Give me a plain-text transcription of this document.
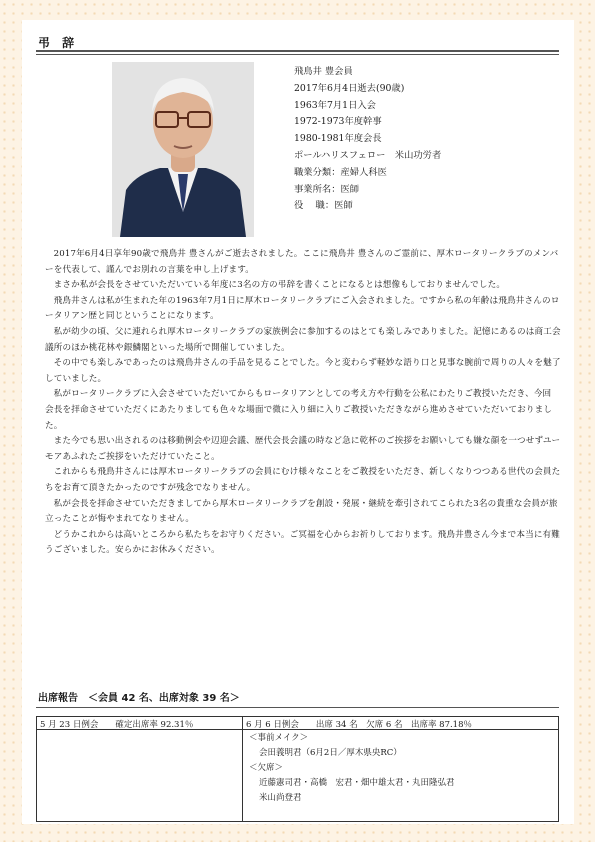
弔 辞
飛鳥井 豊会員
2017年6月4日逝去(90歳)
1963年7月1日入会
1972-1973年度幹事
1980-1981年度会長
ポールハリスフェロー　米山功労者
職業分類：産婦人科医
事業所名：医師
役　 職：医師

2017年6月4日享年90歳で飛鳥井 豊さんがご逝去されました。ここに飛鳥井 豊さんのご霊前に、厚木ロータリークラブのメンバーを代表して、謹んでお別れの言葉を申し上げます。

まさか私が会長をさせていただいている年度に3名の方の弔辞を書くことになるとは想像もしておりませんでした。

飛鳥井さんは私が生まれた年の1963年7月1日に厚木ロータリークラブにご入会されました。ですから私の年齢は飛鳥井さんのロータリアン歴と同じということになります。

私が幼少の頃、父に連れられ厚木ロータリークラブの家族例会に参加するのはとても楽しみでありました。記憶にあるのは商工会議所のほか桃花林や銀鱗閣といった場所で開催していました。

その中でも楽しみであったのは飛鳥井さんの手品を見ることでした。今と変わらず軽妙な語り口と見事な腕前で周りの人々を魅了していました。

私がロータリークラブに入会させていただいてからもロータリアンとしての考え方や行動を公私にわたりご教授いただき、今回 会長を拝命させていただくにあたりましても色々な場面で微に入り細に入りご教授いただきながら進めさせていただいておりました。

また今でも思い出されるのは移動例会や辺迎会議、歴代会長会議の時など急に乾杯のご挨拶をお願いしても嫌な顔を一つせずユーモアあふれたご挨拶をいただけていたこと。

これからも飛鳥井さんには厚木ロータリークラブの会員にむけ様々なことをご教授をいただき、新しくなりつつある世代の会員たちをお育て頂きたかったのですが残念でなりません。

私が会長を拝命させていただきましてから厚木ロータリークラブを創設・発展・継続を牽引されてこられた3名の貴重な会員が旅立ったことが悔やまれてなりません。

どうかこれからは高いところから私たちをお守りください。ご冥福を心からお祈りしております。飛鳥井豊さん今まで本当に有難うございました。安らかにお休みください。

出席報告　＜会員 42 名、出席対象 39 名＞
5 月 23 日例会　　確定出席率 92.31％	6 月 6 日例会　　出席 34 名　欠席 6 名　出席率 87.18％
＜事前メイク＞
会田義明君（6月2日／厚木県央RC）
＜欠席＞
近藤憲司君・高橋　宏君・畑中雄太君・丸田隆弘君
米山尚登君
